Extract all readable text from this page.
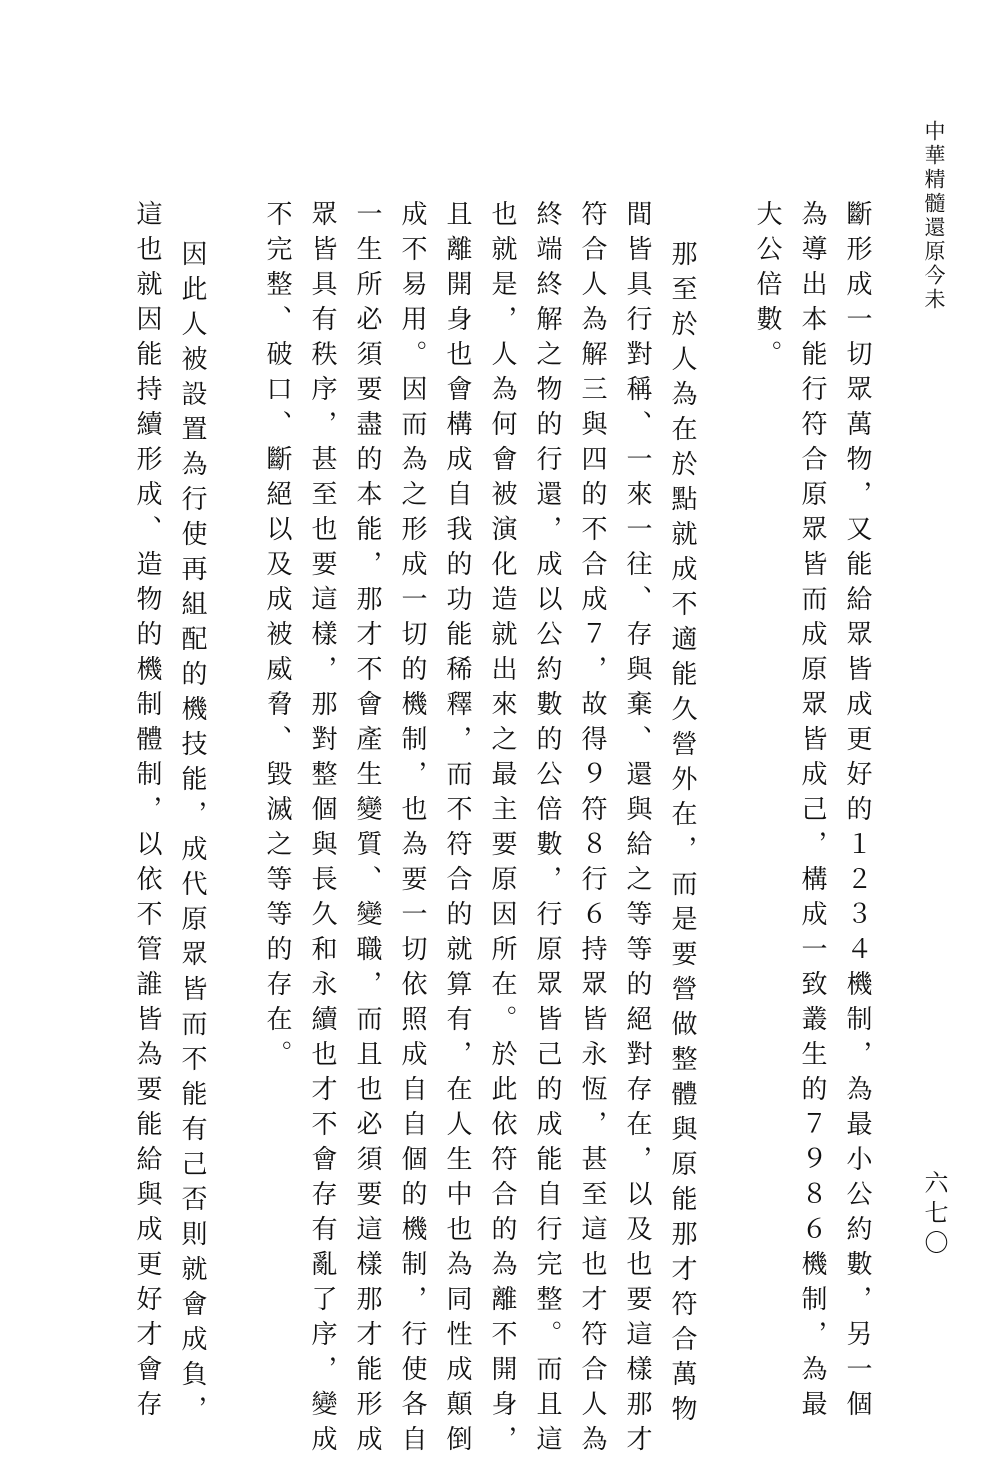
中華精髓還原今未
六七〇
斷形成一切眾萬物，又能給眾皆成更好的１２３４機制，為最小公約數，另一個
為導出本能行符合原眾皆而成原眾皆成己，構成一致叢生的７９８６機制，為最
大公倍數。
那至於人為在於點就成不適能久營外在，而是要營做整體與原能那才符合萬物
間皆具行對稱、一來一往、存與棄、還與給之等等的絕對存在，以及也要這樣那才
符合人為解三與四的不合成７，故得９符８行６持眾皆永恆，甚至這也才符合人為
終端終解之物的行還，成以公約數的公倍數，行原眾皆己的成能自行完整。而且這
也就是，人為何會被演化造就出來之最主要原因所在。於此依符合的為離不開身，
且離開身也會構成自我的功能稀釋，而不符合的就算有，在人生中也為同性成顛倒
成不易用。因而為之形成一切的機制，也為要一切依照成自自個的機制，行使各自
一生所必須要盡的本能，那才不會產生變質、變職，而且也必須要這樣那才能形成
眾皆具有秩序，甚至也要這樣，那對整個與長久和永續也才不會存有亂了序，變成
不完整、破口、斷絕以及成被威脅、毀滅之等等的存在。
因此人被設置為行使再組配的機技能，成代原眾皆而不能有己否則就會成負，
這也就因能持續形成、造物的機制體制，以依不管誰皆為要能給與成更好才會存
